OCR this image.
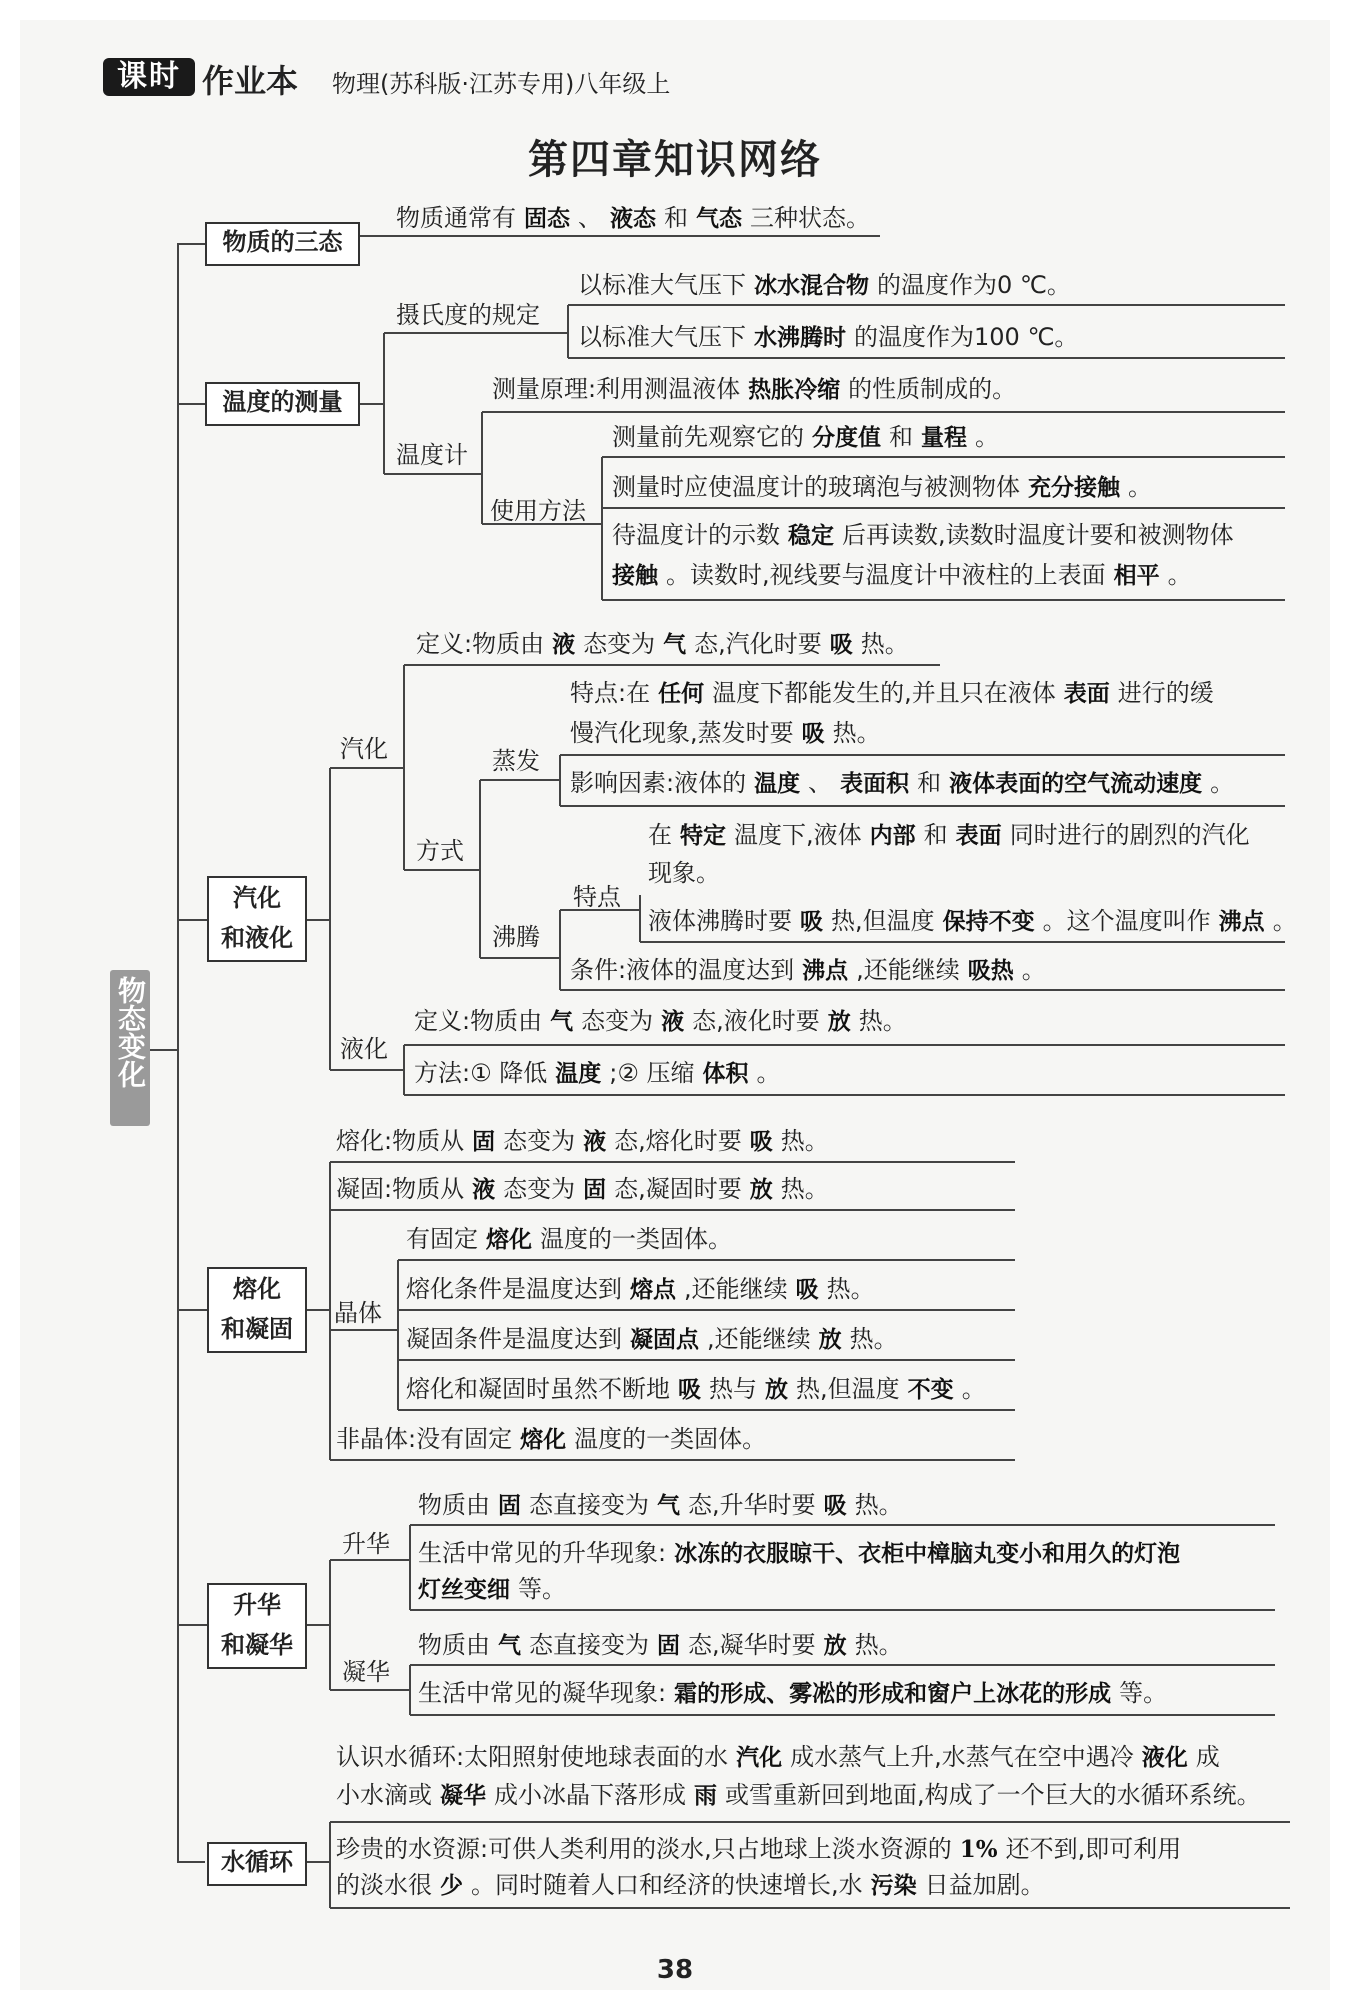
课时 作业本 物理(苏科版·江苏专用)八年级上
第四章知识网络
物态变化
物质的三态
温度的测量
汽化
和液化
熔化
和凝固
升华
和凝华
水循环
摄氏度的规定
温度计
使用方法
汽化
方式
蒸发
沸腾
特点
液化
晶体
升华
凝华
物质通常有 固态 、 液态 和 气态 三种状态。
以标准大气压下 冰水混合物 的温度作为0 ℃。
以标准大气压下 水沸腾时 的温度作为100 ℃。
测量原理:利用测温液体 热胀冷缩 的性质制成的。
测量前先观察它的 分度值 和 量程 。
测量时应使温度计的玻璃泡与被测物体 充分接触 。
待温度计的示数 稳定 后再读数,读数时温度计要和被测物体
接触 。读数时,视线要与温度计中液柱的上表面 相平 。
定义:物质由 液 态变为 气 态,汽化时要 吸 热。
特点:在 任何 温度下都能发生的,并且只在液体 表面 进行的缓
慢汽化现象,蒸发时要 吸 热。
影响因素:液体的 温度 、 表面积 和 液体表面的空气流动速度 。
在 特定 温度下,液体 内部 和 表面 同时进行的剧烈的汽化
现象。
液体沸腾时要 吸 热,但温度 保持不变 。这个温度叫作 沸点 。
条件:液体的温度达到 沸点 ,还能继续 吸热 。
定义:物质由 气 态变为 液 态,液化时要 放 热。
方法:① 降低 温度 ;② 压缩 体积 。
熔化:物质从 固 态变为 液 态,熔化时要 吸 热。
凝固:物质从 液 态变为 固 态,凝固时要 放 热。
有固定 熔化 温度的一类固体。
熔化条件是温度达到 熔点 ,还能继续 吸 热。
凝固条件是温度达到 凝固点 ,还能继续 放 热。
熔化和凝固时虽然不断地 吸 热与 放 热,但温度 不变 。
非晶体:没有固定 熔化 温度的一类固体。
物质由 固 态直接变为 气 态,升华时要 吸 热。
生活中常见的升华现象: 冰冻的衣服晾干、衣柜中樟脑丸变小和用久的灯泡
灯丝变细 等。
物质由 气 态直接变为 固 态,凝华时要 放 热。
生活中常见的凝华现象: 霜的形成、雾凇的形成和窗户上冰花的形成 等。
认识水循环:太阳照射使地球表面的水 汽化 成水蒸气上升,水蒸气在空中遇冷 液化 成
小水滴或 凝华 成小冰晶下落形成 雨 或雪重新回到地面,构成了一个巨大的水循环系统。
珍贵的水资源:可供人类利用的淡水,只占地球上淡水资源的 1% 还不到,即可利用
的淡水很 少 。同时随着人口和经济的快速增长,水 污染 日益加剧。
38
